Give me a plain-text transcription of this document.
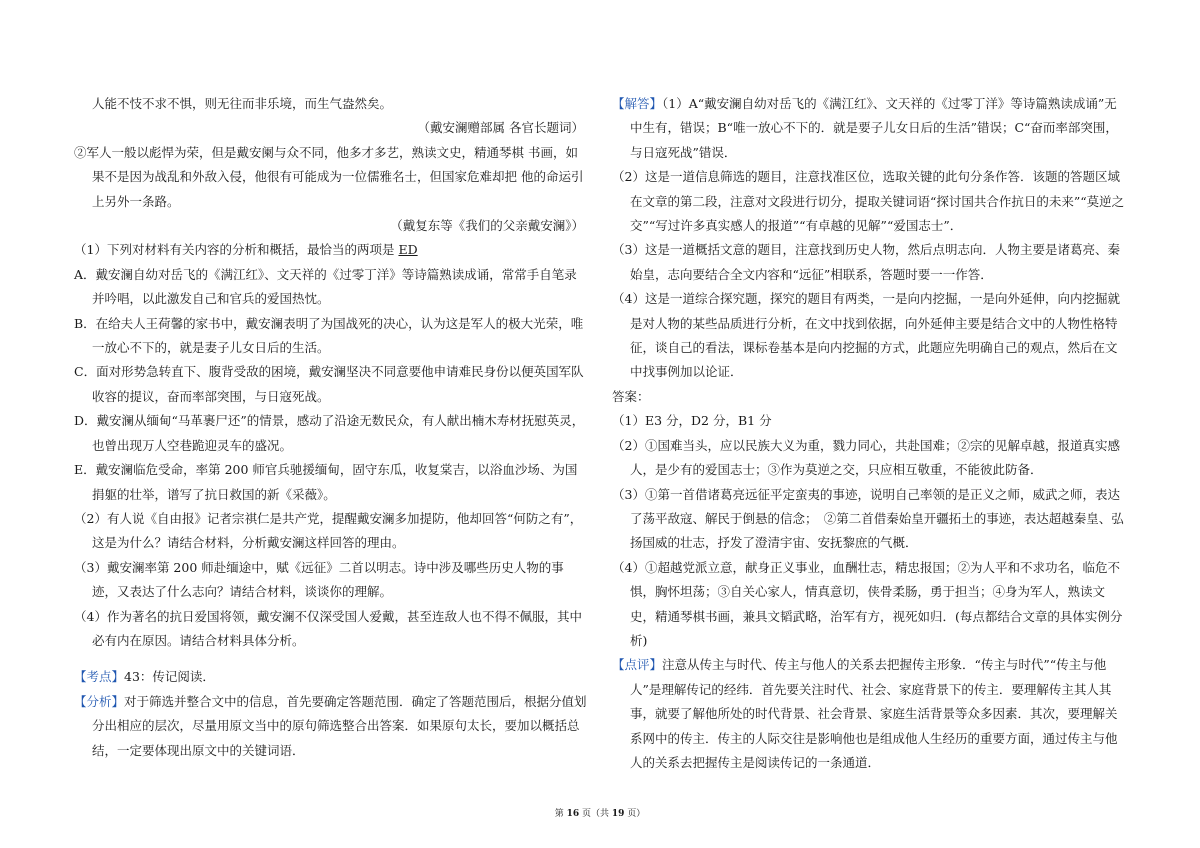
人能不忮不求不惧，则无往而非乐境，而生气盎然矣。

（戴安澜赠部属 各官长题词）

②军人一般以彪悍为荣，但是戴安阑与众不同，他多才多艺，熟读文史，精通琴棋 书画，如果不是因为战乱和外敌入侵，他很有可能成为一位儒雅名士，但国家危难却把 他的命运引上另外一条路。

（戴复东等《我们的父亲戴安澜》）

（1）下列对材料有关内容的分析和概括，最恰当的两项是 ED

A．戴安澜自幼对岳飞的《满江红》、文天祥的《过零丁洋》等诗篇熟读成诵，常常手自笔录并吟唱，以此激发自己和官兵的爱国热忱。

B．在给夫人王荷馨的家书中，戴安澜表明了为国战死的决心，认为这是军人的极大光荣，唯一放心不下的，就是妻子儿女日后的生活。

C．面对形势急转直下、腹背受敌的困境，戴安澜坚决不同意要他申请难民身份以便英国军队收容的提议，奋而率部突围，与日寇死战。

D．戴安澜从缅甸“马革裹尸还”的情景，感动了沿途无数民众，有人献出楠木寿材抚慰英灵，也曾出现万人空巷跪迎灵车的盛况。

E．戴安澜临危受命，率第 200 师官兵驰援缅甸，固守东瓜，收复棠吉，以浴血沙场、为国捐躯的壮举，谱写了抗日救国的新《采薇》。

（2）有人说《自由报》记者宗祺仁是共产党，提醒戴安澜多加提防，他却回答“何防之有”，这是为什么？请结合材料，分析戴安澜这样回答的理由。

（3）戴安澜率第 200 师赴缅途中，赋《远征》二首以明志。诗中涉及哪些历史人物的事迹，又表达了什么志向？请结合材料，谈谈你的理解。

（4）作为著名的抗日爱国将领，戴安澜不仅深受国人爱戴，甚至连敌人也不得不佩服，其中必有内在原因。请结合材料具体分析。

【考点】43：传记阅读．

【分析】对于筛选并整合文中的信息，首先要确定答题范围．确定了答题范围后，根据分值划分出相应的层次，尽量用原文当中的原句筛选整合出答案．如果原句太长，要加以概括总结，一定要体现出原文中的关键词语．

【解答】（1）A“戴安澜自幼对岳飞的《满江红》、文天祥的《过零丁洋》等诗篇熟读成诵”无中生有，错误；B“唯一放心不下的．就是要子儿女日后的生活”错误；C“奋而率部突围，与日寇死战”错误．

（2）这是一道信息筛选的题目，注意找准区位，选取关键的此句分条作答．该题的答题区域在文章的第二段，注意对文段进行切分，提取关键词语“探讨国共合作抗日的未来”“莫逆之交”“写过许多真实感人的报道”“有卓越的见解”“爱国志士”．

（3）这是一道概括文意的题目，注意找到历史人物，然后点明志向．人物主要是诸葛亮、秦始皇，志向要结合全文内容和“远征”相联系，答题时要一一作答．

（4）这是一道综合探究题，探究的题目有两类，一是向内挖掘，一是向外延伸，向内挖掘就是对人物的某些品质进行分析，在文中找到依据，向外延伸主要是结合文中的人物性格特征，谈自己的看法，课标卷基本是向内挖掘的方式，此题应先明确自己的观点，然后在文中找事例加以论证．

答案：

（1）E3 分，D2 分，B1 分

（2）①国难当头，应以民族大义为重，戮力同心，共赴国难；②宗的见解卓越，报道真实感人，是少有的爱国志士；③作为莫逆之交，只应相互敬重，不能彼此防备．

（3）①第一首借诸葛亮远征平定蛮夷的事迹，说明自己率领的是正义之师，威武之师，表达了荡平敌寇、解民于倒悬的信念；　②第二首借秦始皇开疆拓土的事迹，表达超越秦皇、弘扬国威的壮志，抒发了澄清宇宙、安抚黎庶的气概．

（4）①超越党派立意，献身正义事业，血酬壮志，精忠报国；②为人平和不求功名，临危不惧，胸怀坦荡；③自关心家人，情真意切，侠骨柔肠，勇于担当；④身为军人，熟读文史，精通琴棋书画，兼具文韬武略，治军有方，视死如归．(每点都结合文章的具体实例分析)

【点评】注意从传主与时代、传主与他人的关系去把握传主形象．“传主与时代”“传主与他人”是理解传记的经纬．首先要关注时代、社会、家庭背景下的传主．要理解传主其人其事，就要了解他所处的时代背景、社会背景、家庭生活背景等众多因素．其次，要理解关系网中的传主．传主的人际交往是影响他也是组成他人生经历的重要方面，通过传主与他人的关系去把握传主是阅读传记的一条通道．

第 16 页（共 19 页）
